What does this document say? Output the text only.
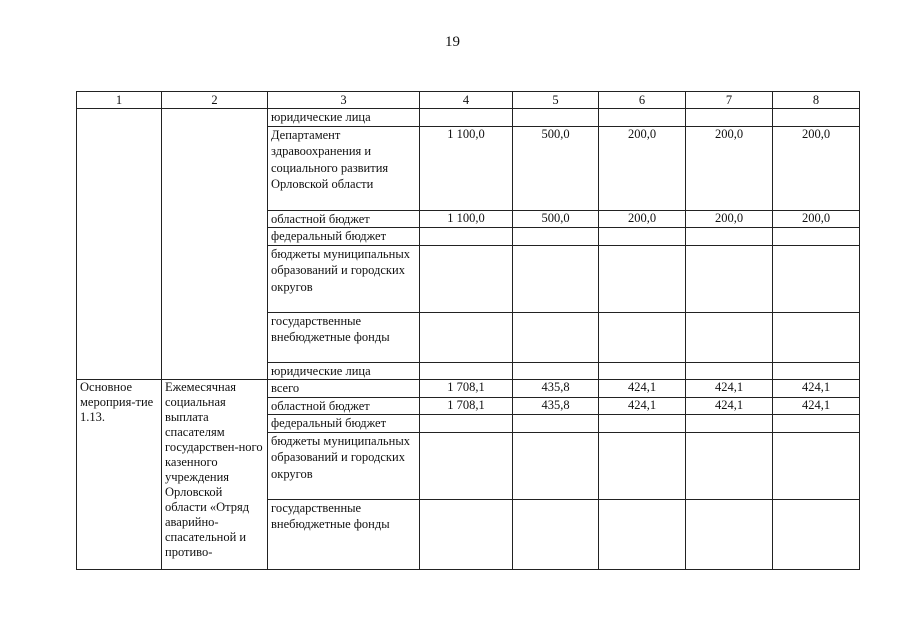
19
1	2	3	4	5	6	7	8
		юридические лица					
		Департамент здравоохранения и социального развития Орловской области	1 100,0	500,0	200,0	200,0	200,0
		областной бюджет	1 100,0	500,0	200,0	200,0	200,0
		федеральный бюджет					
		бюджеты муниципальных образований и городских округов					
		государственные внебюджетные фонды					
		юридические лица					
Основное мероприя-тие 1.13.	Ежемесячная социальная выплата спасателям государствен-ного казенного учреждения Орловской области «Отряд аварийно-спасательной и противо-	всего	1 708,1	435,8	424,1	424,1	424,1
		областной бюджет	1 708,1	435,8	424,1	424,1	424,1
		федеральный бюджет					
		бюджеты муниципальных образований и городских округов					
		государственные внебюджетные фонды					
